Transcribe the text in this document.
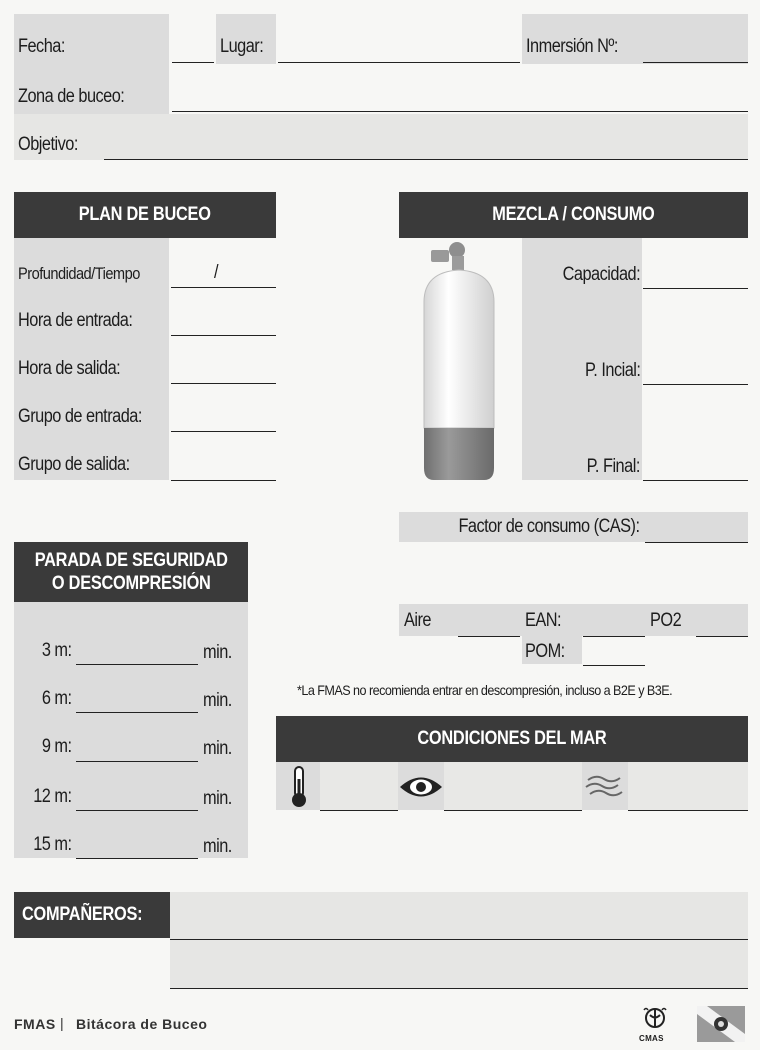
Fecha:	Lugar:	Inmersión Nº:
Zona de buceo:
Objetivo:
PLAN DE BUCEO
Profundidad/Tiempo	/
Hora de entrada:
Hora de salida:
Grupo de entrada:
Grupo de salida:
MEZCLA / CONSUMO
Capacidad:
P. Incial:
P. Final:
Factor de consumo (CAS):
Aire	EAN:	PO2
POM:
*La FMAS no recomienda entrar en descompresión, incluso a B2E y B3E.
PARADA DE SEGURIDAD
O DESCOMPRESIÓN
3 m:	min.
6 m:	min.
9 m:	min.
12 m:	min.
15 m:	min.
CONDICIONES DEL MAR
COMPAÑEROS:
FMAS | Bitácora de Buceo
CMAS
